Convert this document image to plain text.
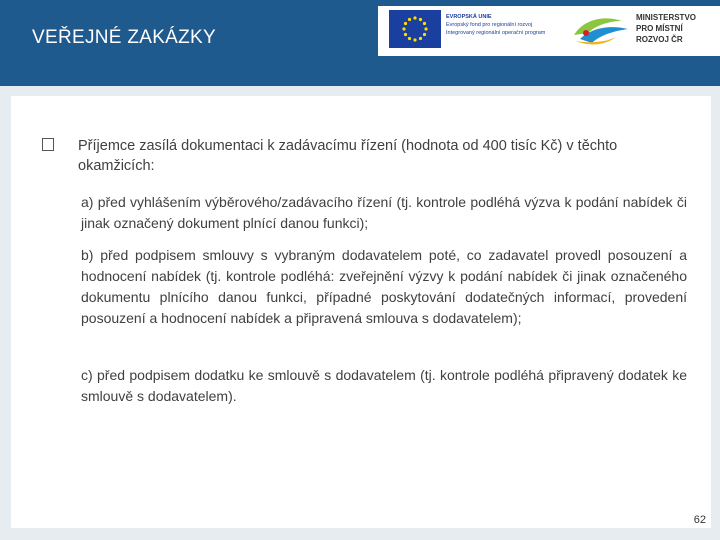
VEŘEJNÉ ZAKÁZKY
EVROPSKÁ UNIE
Evropský fond pro regionální rozvoj
Integrovaný regionální operační program
MINISTERSTVO
PRO MÍSTNÍ
ROZVOJ ČR
Příjemce zasílá dokumentaci k zadávacímu řízení (hodnota od 400 tisíc Kč) v těchto okamžicích:
a) před vyhlášením výběrového/zadávacího řízení (tj. kontrole podléhá výzva k podání nabídek či jinak označený dokument plnící danou funkci);
b) před podpisem smlouvy s vybraným dodavatelem poté, co zadavatel provedl posouzení a hodnocení nabídek (tj. kontrole podléhá: zveřejnění výzvy k podání nabídek či jinak označeného dokumentu plnícího danou funkci, případné poskytování dodatečných informací, provedení posouzení a hodnocení nabídek a připravená smlouva s dodavatelem);
c) před podpisem dodatku ke smlouvě s dodavatelem (tj. kontrole podléhá připravený dodatek ke smlouvě s dodavatelem).
62
